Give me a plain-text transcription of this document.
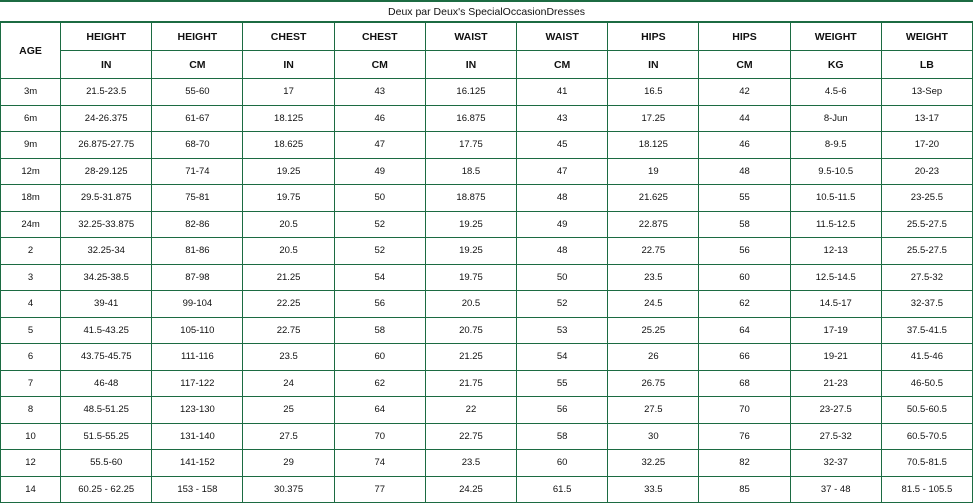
Deux par Deux's SpecialOccasionDresses
AGE	HEIGHT	HEIGHT	CHEST	CHEST	WAIST	WAIST	HIPS	HIPS	WEIGHT	WEIGHT
	IN	CM	IN	CM	IN	CM	IN	CM	KG	LB
3m	21.5-23.5	55-60	17	43	16.125	41	16.5	42	4.5-6	13-Sep
6m	24-26.375	61-67	18.125	46	16.875	43	17.25	44	8-Jun	13-17
9m	26.875-27.75	68-70	18.625	47	17.75	45	18.125	46	8-9.5	17-20
12m	28-29.125	71-74	19.25	49	18.5	47	19	48	9.5-10.5	20-23
18m	29.5-31.875	75-81	19.75	50	18.875	48	21.625	55	10.5-11.5	23-25.5
24m	32.25-33.875	82-86	20.5	52	19.25	49	22.875	58	11.5-12.5	25.5-27.5
2	32.25-34	81-86	20.5	52	19.25	48	22.75	56	12-13	25.5-27.5
3	34.25-38.5	87-98	21.25	54	19.75	50	23.5	60	12.5-14.5	27.5-32
4	39-41	99-104	22.25	56	20.5	52	24.5	62	14.5-17	32-37.5
5	41.5-43.25	105-110	22.75	58	20.75	53	25.25	64	17-19	37.5-41.5
6	43.75-45.75	111-116	23.5	60	21.25	54	26	66	19-21	41.5-46
7	46-48	117-122	24	62	21.75	55	26.75	68	21-23	46-50.5
8	48.5-51.25	123-130	25	64	22	56	27.5	70	23-27.5	50.5-60.5
10	51.5-55.25	131-140	27.5	70	22.75	58	30	76	27.5-32	60.5-70.5
12	55.5-60	141-152	29	74	23.5	60	32.25	82	32-37	70.5-81.5
14	60.25 - 62.25	153 - 158	30.375	77	24.25	61.5	33.5	85	37 - 48	81.5 - 105.5
